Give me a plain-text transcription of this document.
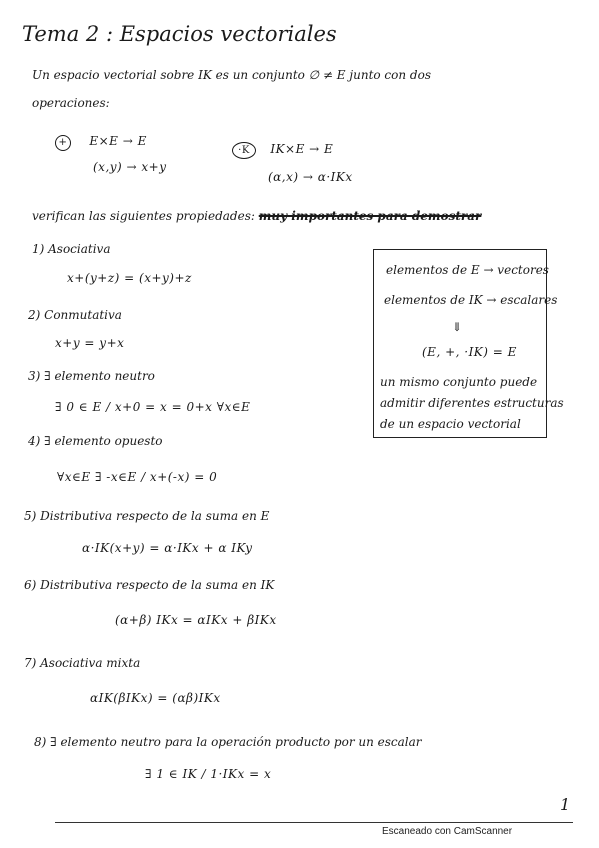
Tema 2 : Espacios vectoriales
Un espacio vectorial sobre IK es un conjunto ∅ ≠ E junto con dos
operaciones:
+ E×E → E
(x,y) → x+y
·K IK×E → E
(α,x) → α·IKx
verifican las siguientes propiedades: muy importantes para demostrar
1) Asociativa
x+(y+z) = (x+y)+z
2) Conmutativa
x+y = y+x
3) ∃ elemento neutro
∃ 0 ∈ E / x+0 = x = 0+x ∀x∈E
4) ∃ elemento opuesto
∀x∈E ∃ -x∈E / x+(-x) = 0
5) Distributiva respecto de la suma en E
α·IK(x+y) = α·IKx + α IKy
6) Distributiva respecto de la suma en IK
(α+β) IKx = αIKx + βIKx
7) Asociativa mixta
αIK(βIKx) = (αβ)IKx
8) ∃ elemento neutro para la operación producto por un escalar
∃ 1 ∈ IK / 1·IKx = x
elementos de E → vectores
elementos de IK → escalares
⇓
(E, +, ·IK) = E
un mismo conjunto puede
admitir diferentes estructuras
de un espacio vectorial
1
Escaneado con CamScanner
